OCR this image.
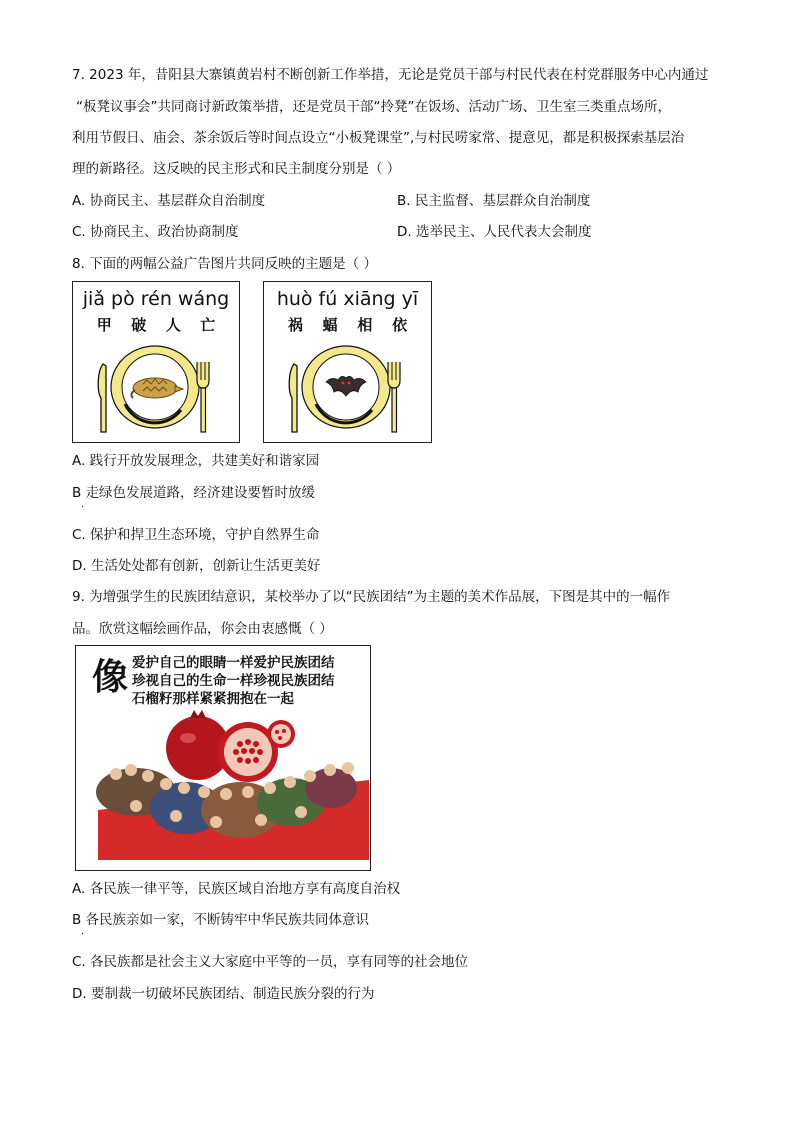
7. 2023 年，昔阳县大寨镇黄岩村不断创新工作举措，无论是党员干部与村民代表在村党群服务中心内通过
“板凳议事会”共同商讨新政策举措，还是党员干部“拎凳”在饭场、活动广场、卫生室三类重点场所，
利用节假日、庙会、茶余饭后等时间点设立“小板凳课堂”,与村民唠家常、提意见，都是积极探索基层治
理的新路径。这反映的民主形式和民主制度分别是（ ）
A. 协商民主、基层群众自治制度	B. 民主监督、基层群众自治制度
C. 协商民主、政治协商制度	D. 选举民主、人民代表大会制度
8. 下面的两幅公益广告图片共同反映的主题是（ ）
jiǎ pò rén wáng
甲 破 人 亡
huò fú xiāng yī
祸 蝠 相 依
A. 践行开放发展理念，共建美好和谐家园
B 走绿色发展道路，经济建设要暂时放缓
.
C. 保护和捍卫生态环境，守护自然界生命
D. 生活处处都有创新，创新让生活更美好
9. 为增强学生的民族团结意识，某校举办了以“民族团结”为主题的美术作品展，下图是其中的一幅作
品。欣赏这幅绘画作品，你会由衷感慨（ ）
像 爱护自己的眼睛一样爱护民族团结
珍视自己的生命一样珍视民族团结
石榴籽那样紧紧拥抱在一起
A. 各民族一律平等，民族区域自治地方享有高度自治权
B 各民族亲如一家，不断铸牢中华民族共同体意识
.
C. 各民族都是社会主义大家庭中平等的一员，享有同等的社会地位
D. 要制裁一切破坏民族团结、制造民族分裂的行为
